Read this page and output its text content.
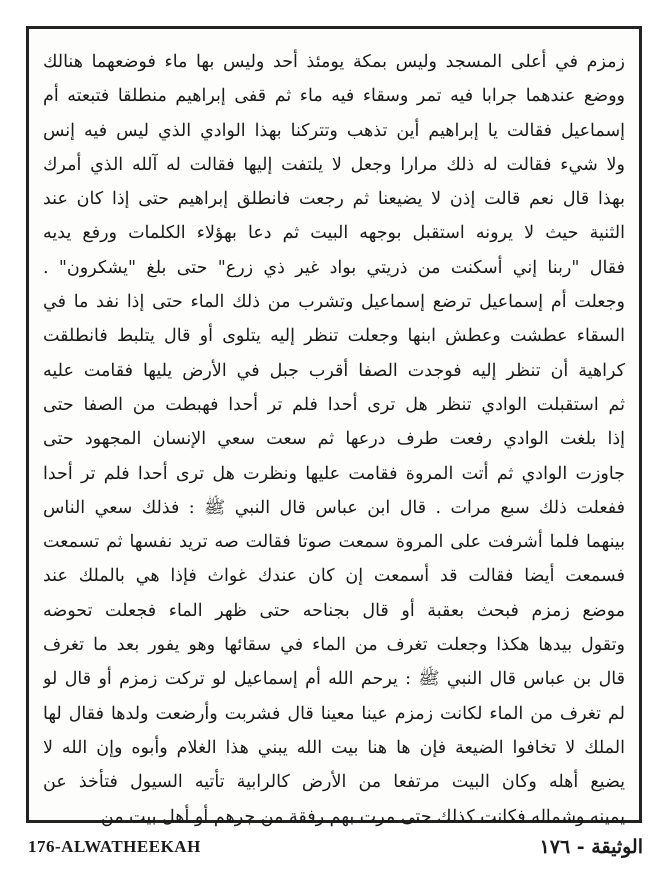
زمزم في أعلى المسجد وليس بمكة يومئذ أحد وليس بها ماء فوضعهما هنالك
ووضع عندهما جرابا فيه تمر وسقاء فيه ماء ثم قفى إبراهيم منطلقا فتبعته أم
إسماعيل فقالت يا إبراهيم أين تذهب وتتركنا بهذا الوادي الذي ليس فيه إنس
ولا شيء فقالت له ذلك مرارا وجعل لا يلتفت إليها فقالت له آلله الذي أمرك
بهذا قال نعم قالت إذن لا يضيعنا ثم رجعت فانطلق إبراهيم حتى إذا كان عند
الثنية حيث لا يرونه استقبل بوجهه البيت ثم دعا بهؤلاء الكلمات ورفع يديه
فقال "ربنا إني أسكنت من ذريتي بواد غير ذي زرع" حتى بلغ "يشكرون" .
وجعلت أم إسماعيل ترضع إسماعيل وتشرب من ذلك الماء حتى إذا نفد ما في
السقاء عطشت وعطش ابنها وجعلت تنظر إليه يتلوى أو قال يتلبط فانطلقت
كراهية أن تنظر إليه فوجدت الصفا أقرب جبل في الأرض يليها فقامت عليه
ثم استقبلت الوادي تنظر هل ترى أحدا فلم تر أحدا فهبطت من الصفا حتى
إذا بلغت الوادي رفعت طرف درعها ثم سعت سعي الإنسان المجهود حتى
جاوزت الوادي ثم أتت المروة فقامت عليها ونظرت هل ترى أحدا فلم تر أحدا
ففعلت ذلك سبع مرات . قال ابن عباس قال النبي ﷺ : فذلك سعي الناس
بينهما فلما أشرفت على المروة سمعت صوتا فقالت صه تريد نفسها ثم تسمعت
فسمعت أيضا فقالت قد أسمعت إن كان عندك غواث فإذا هي بالملك عند
موضع زمزم فبحث بعقبة أو قال بجناحه حتى ظهر الماء فجعلت تحوضه
وتقول بيدها هكذا وجعلت تغرف من الماء في سقائها وهو يفور بعد ما تغرف
قال بن عباس قال النبي ﷺ : يرحم الله أم إسماعيل لو تركت زمزم أو قال لو
لم تغرف من الماء لكانت زمزم عينا معينا قال فشربت وأرضعت ولدها فقال لها
الملك لا تخافوا الضيعة فإن ها هنا بيت الله يبني هذا الغلام وأبوه وإن الله لا
يضيع أهله وكان البيت مرتفعا من الأرض كالرابية تأتيه السيول فتأخذ عن
يمينه وشماله فكانت كذلك حتى مرت بهم رفقة من جرهم أو أهل بيت من
176-ALWATHEEKAH	الوثيقة - ١٧٦
